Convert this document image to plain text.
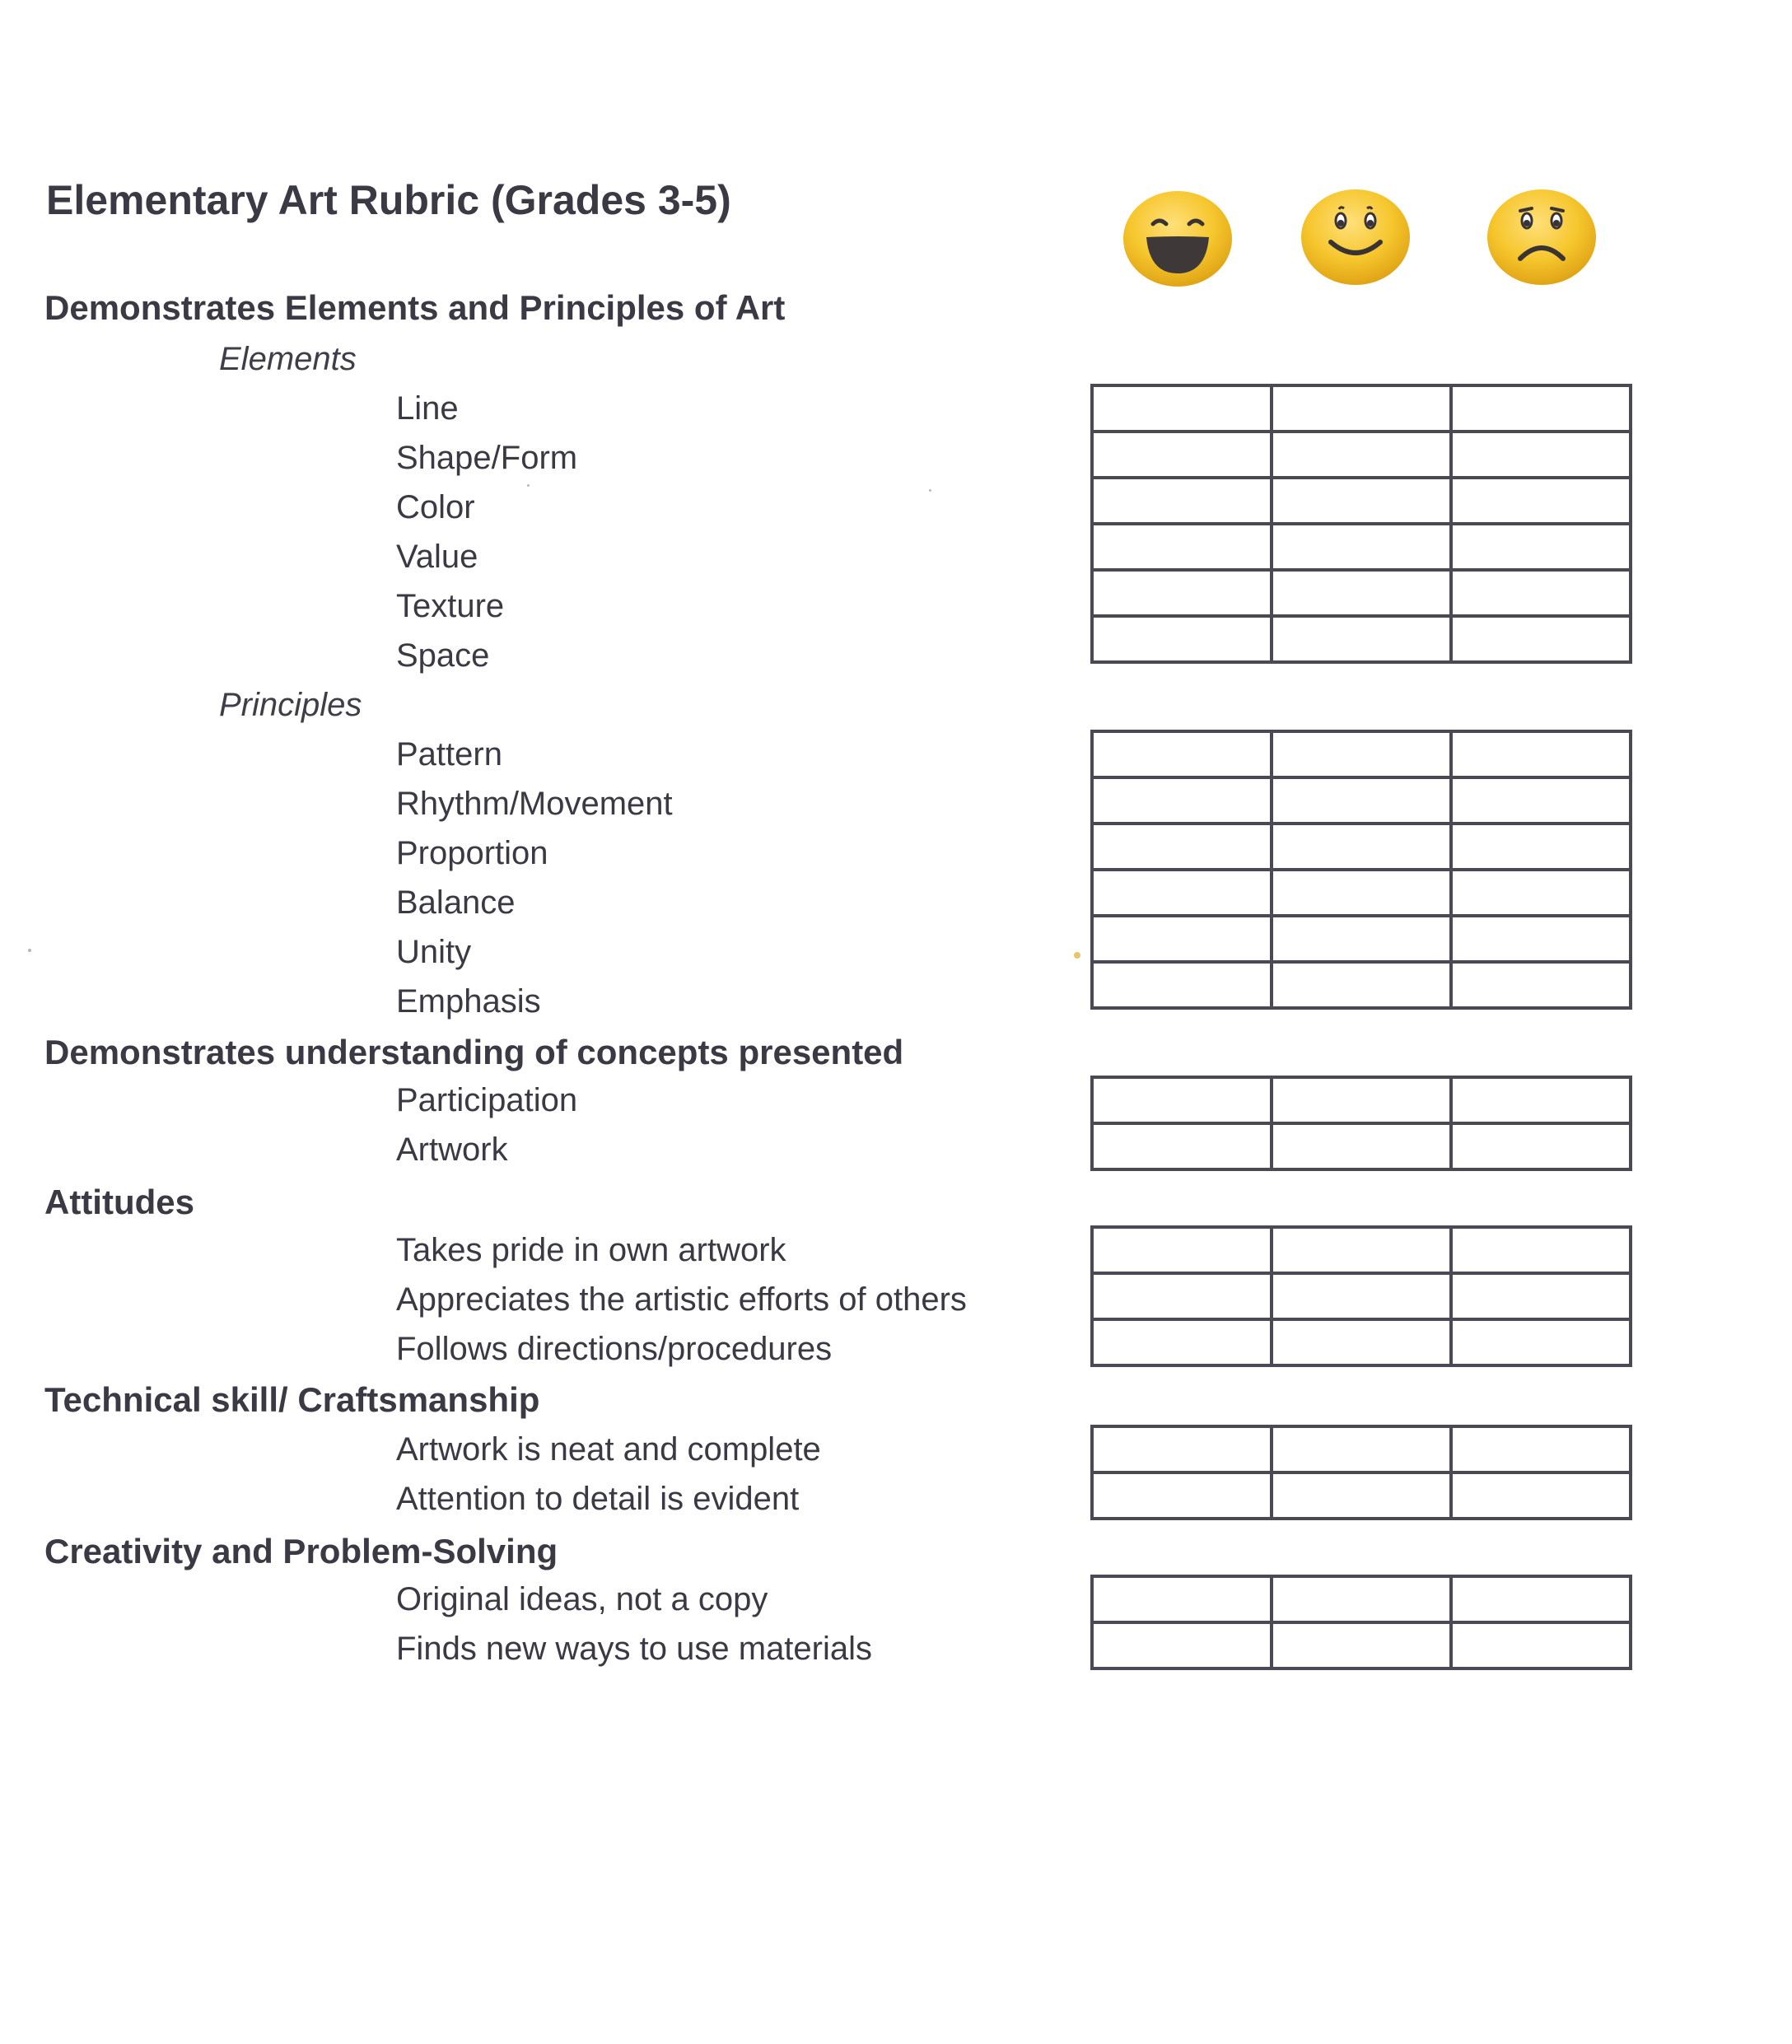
Elementary Art Rubric (Grades 3-5)
Demonstrates Elements and Principles of Art
Elements
Line
Shape/Form
Color
Value
Texture
Space

Principles
Pattern
Rhythm/Movement
Proportion
Balance
Unity
Emphasis

Demonstrates understanding of concepts presented
Participation
Artwork

Attitudes
Takes pride in own artwork
Appreciates the artistic efforts of others
Follows directions/procedures

Technical skill/ Craftsmanship
Artwork is neat and complete
Attention to detail is evident

Creativity and Problem-Solving
Original ideas, not a copy
Finds new ways to use materials
